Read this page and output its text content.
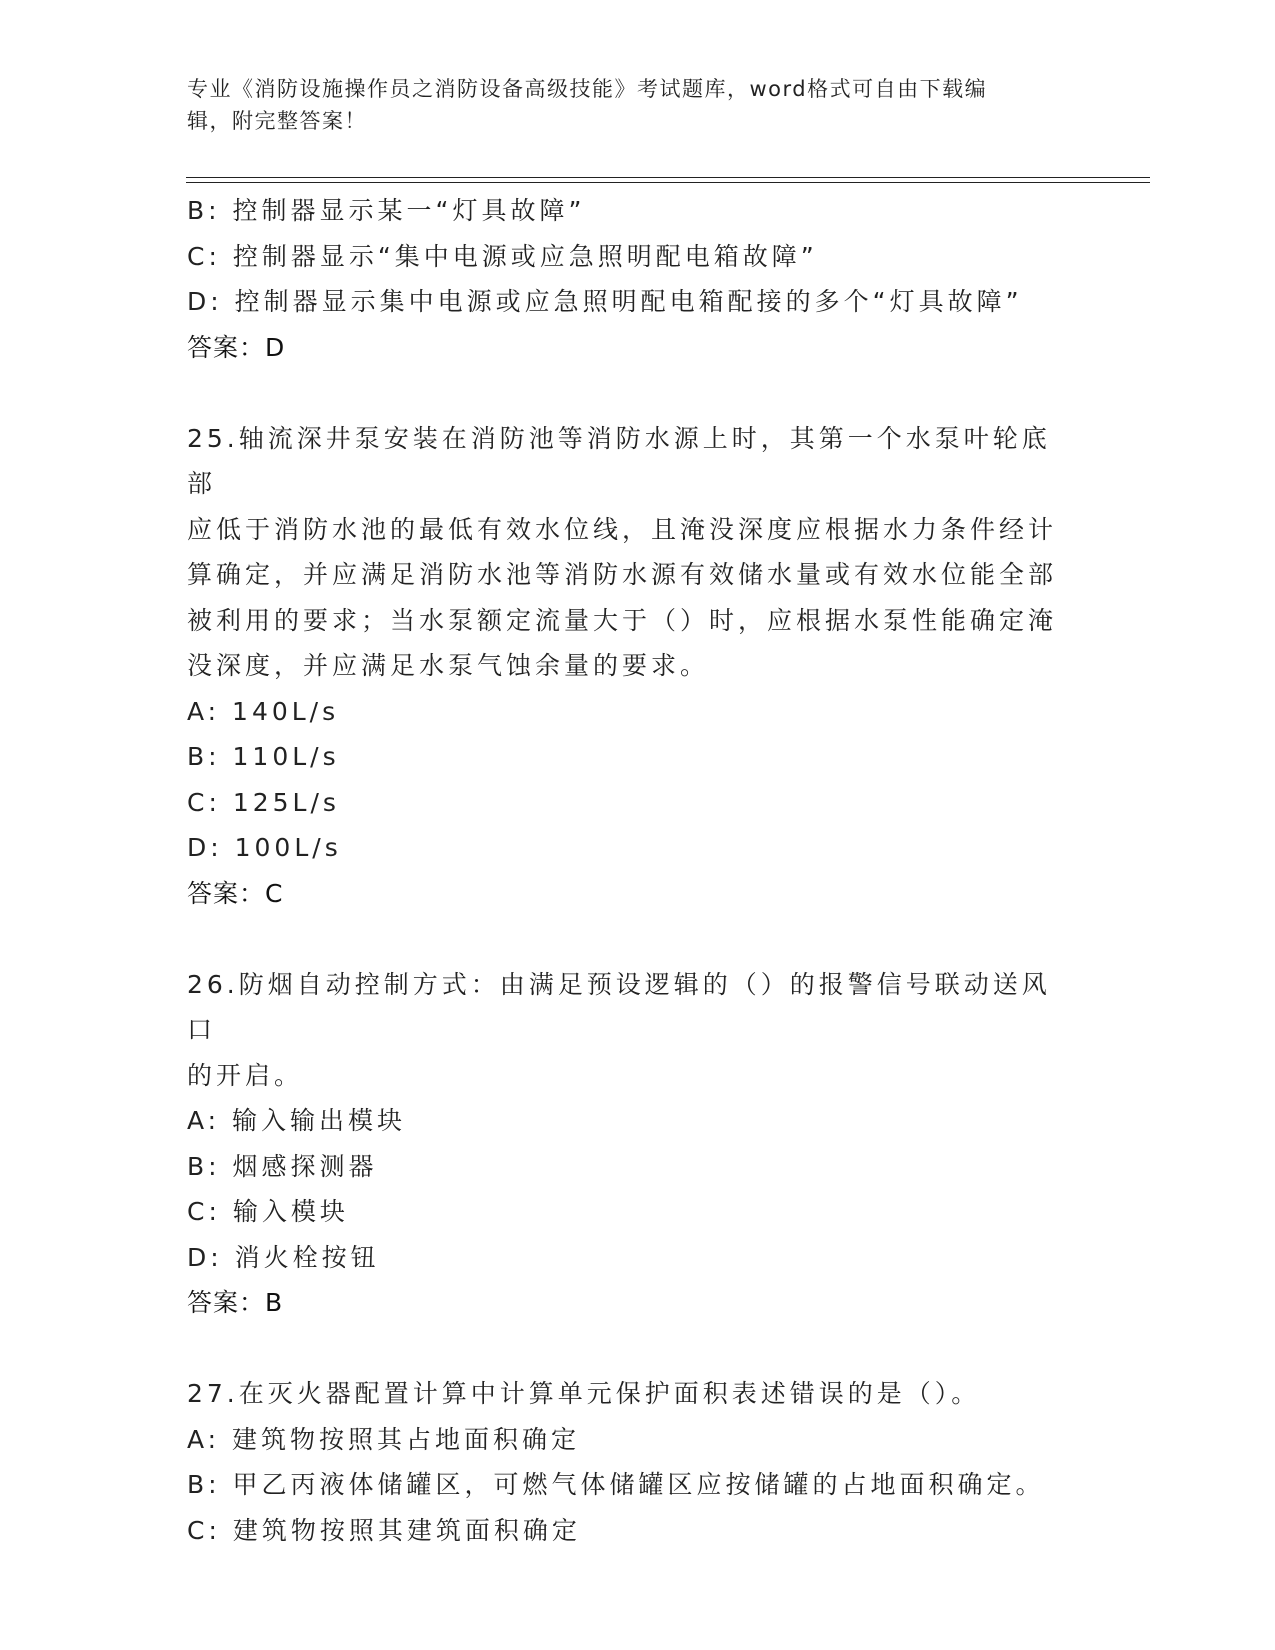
专业《消防设施操作员之消防设备高级技能》考试题库，word格式可自由下载编
辑，附完整答案！
B: 控制器显示某一“灯具故障”
C: 控制器显示“集中电源或应急照明配电箱故障”
D: 控制器显示集中电源或应急照明配电箱配接的多个“灯具故障”
答案：D
25.轴流深井泵安装在消防池等消防水源上时，其第一个水泵叶轮底部
应低于消防水池的最低有效水位线，且淹没深度应根据水力条件经计
算确定，并应满足消防水池等消防水源有效储水量或有效水位能全部
被利用的要求；当水泵额定流量大于（）时，应根据水泵性能确定淹
没深度，并应满足水泵气蚀余量的要求。
A: 140L/s
B: 110L/s
C: 125L/s
D: 100L/s
答案：C
26.防烟自动控制方式：由满足预设逻辑的（）的报警信号联动送风口
的开启。
A: 输入输出模块
B: 烟感探测器
C: 输入模块
D: 消火栓按钮
答案：B
27.在灭火器配置计算中计算单元保护面积表述错误的是（）。
A: 建筑物按照其占地面积确定
B: 甲乙丙液体储罐区，可燃气体储罐区应按储罐的占地面积确定。
C: 建筑物按照其建筑面积确定
